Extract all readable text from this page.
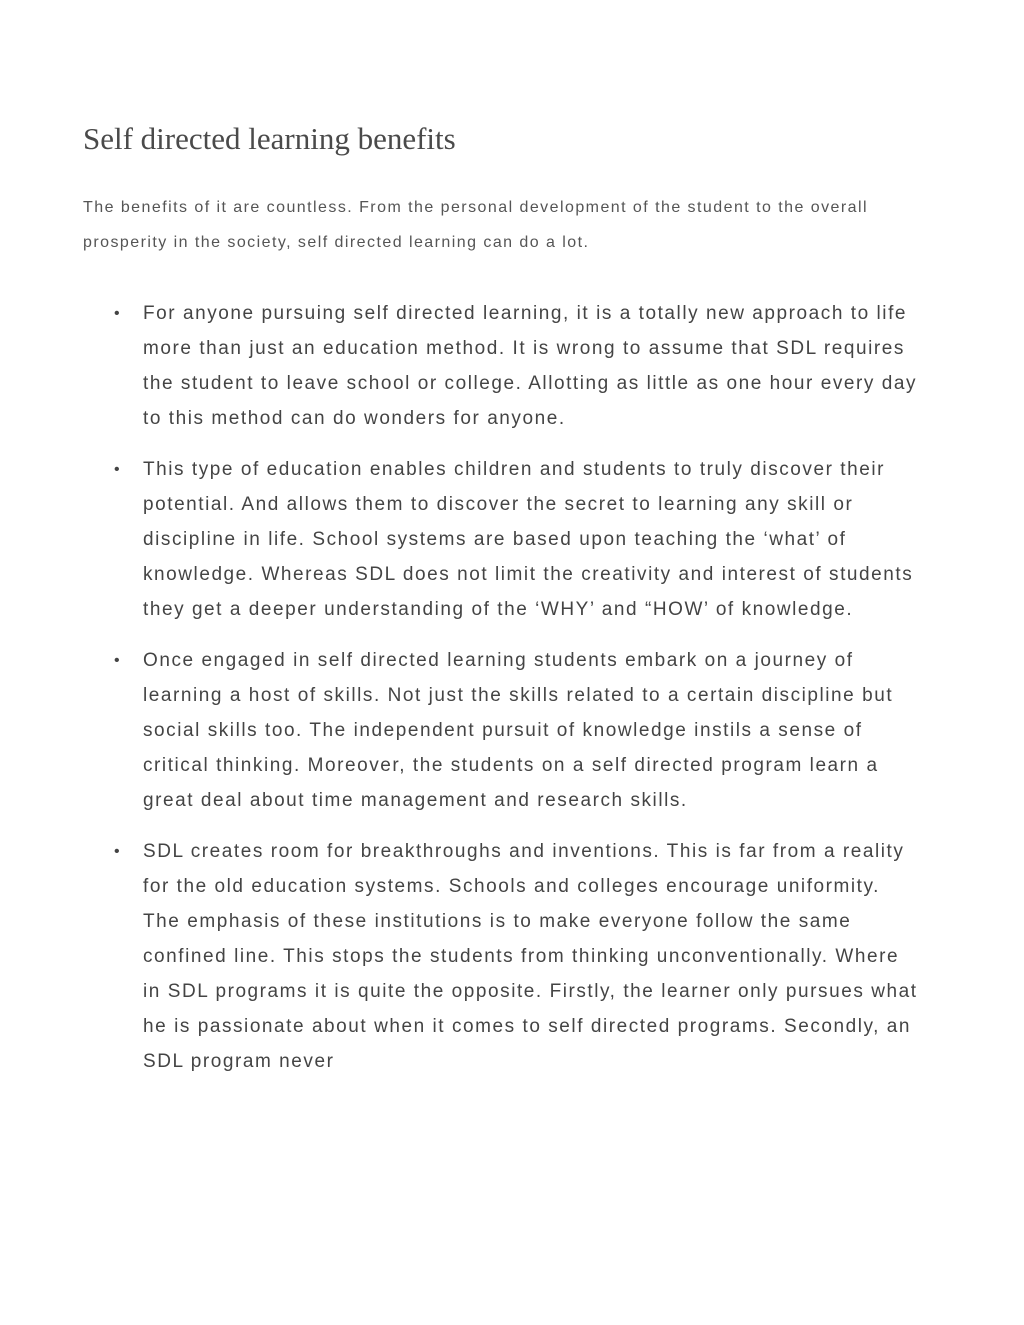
Self directed learning benefits

The benefits of it are countless. From the personal development of the student to the overall prosperity in the society, self directed learning can do a lot.

• For anyone pursuing self directed learning, it is a totally new approach to life more than just an education method. It is wrong to assume that SDL requires the student to leave school or college. Allotting as little as one hour every day to this method can do wonders for anyone.
• This type of education enables children and students to truly discover their potential. And allows them to discover the secret to learning any skill or discipline in life. School systems are based upon teaching the ‘what’ of knowledge. Whereas SDL does not limit the creativity and interest of students they get a deeper understanding of the ‘WHY’ and “HOW’ of knowledge.
• Once engaged in self directed learning students embark on a journey of learning a host of skills. Not just the skills related to a certain discipline but social skills too. The independent pursuit of knowledge instils a sense of critical thinking. Moreover, the students on a self directed program learn a great deal about time management and research skills.
• SDL creates room for breakthroughs and inventions. This is far from a reality for the old education systems. Schools and colleges encourage uniformity. The emphasis of these institutions is to make everyone follow the same confined line. This stops the students from thinking unconventionally. Where in SDL programs it is quite the opposite. Firstly, the learner only pursues what he is passionate about when it comes to self directed programs. Secondly, an SDL program never
